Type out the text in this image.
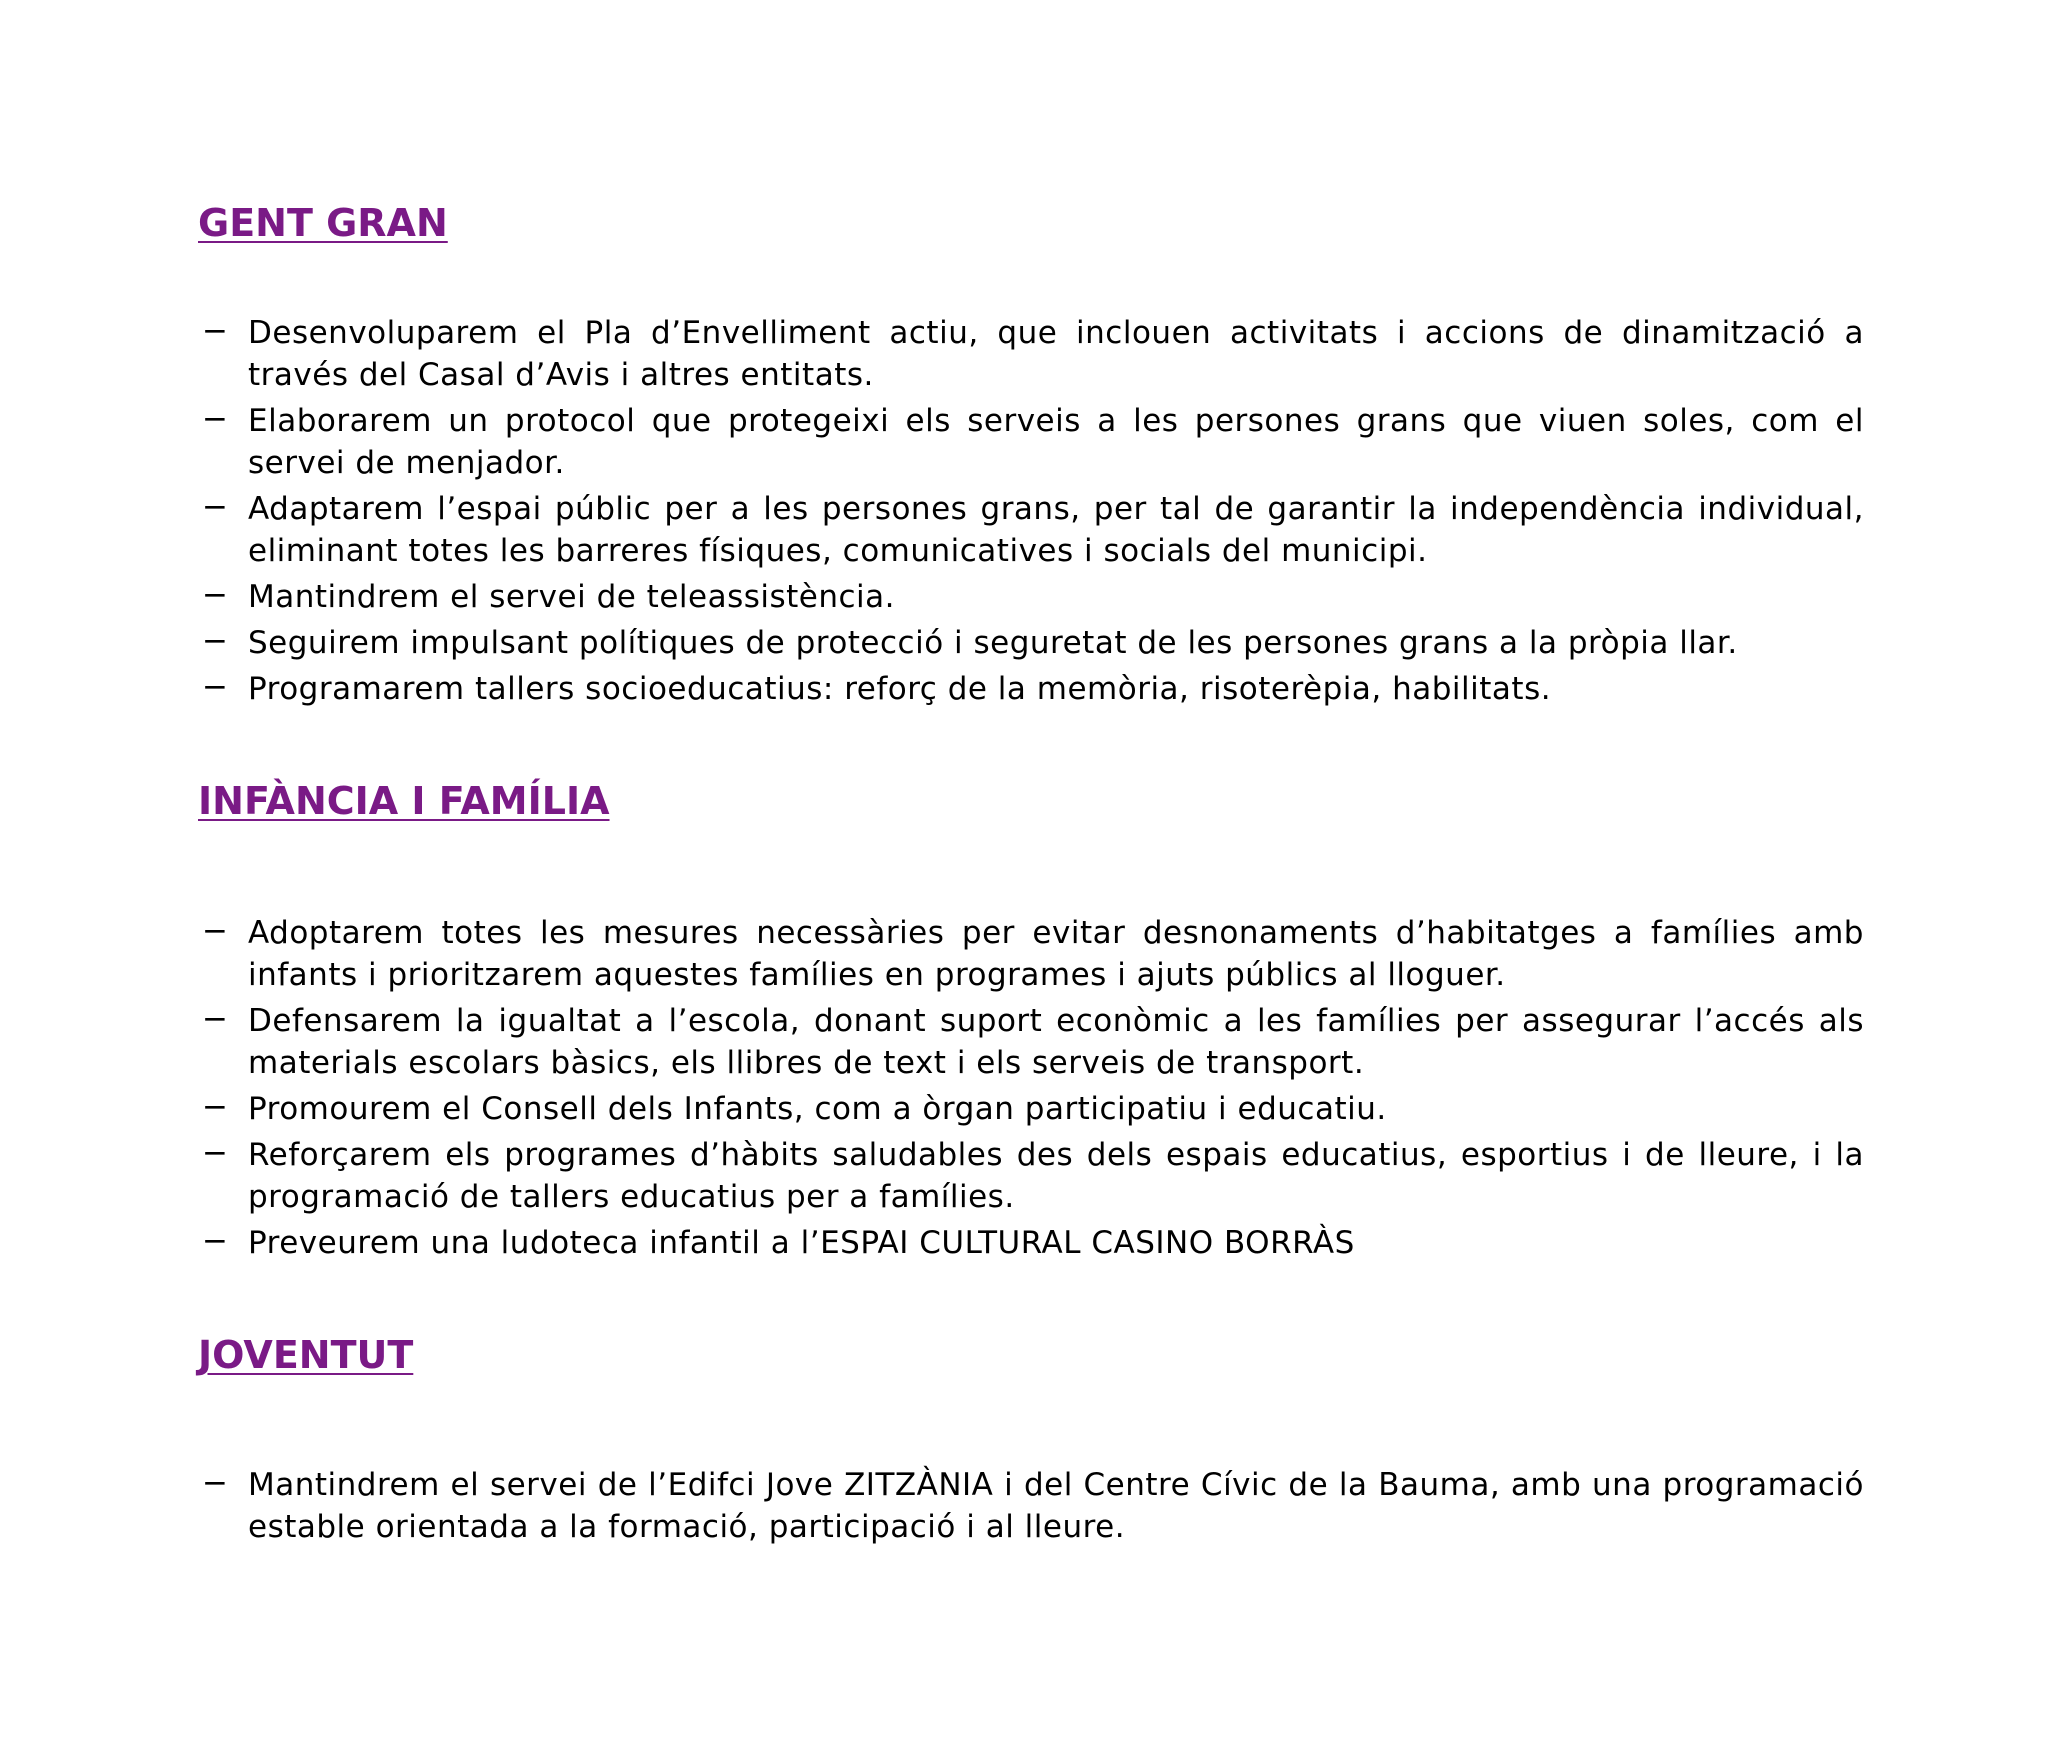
GENT GRAN
− Desenvoluparem el Pla d’Envelliment actiu, que inclouen activitats i accions de dinamització a través del Casal d’Avis i altres entitats.
− Elaborarem un protocol que protegeixi els serveis a les persones grans que viuen soles, com el servei de menjador.
− Adaptarem l’espai públic per a les persones grans, per tal de garantir la independència individual, eliminant totes les barreres físiques, comunicatives i socials del municipi.
− Mantindrem el servei de teleassistència.
− Seguirem impulsant polítiques de protecció i seguretat de les persones grans a la pròpia llar.
− Programarem tallers socioeducatius: reforç de la memòria, risoterèpia, habilitats.
INFÀNCIA I FAMÍLIA
− Adoptarem totes les mesures necessàries per evitar desnonaments d’habitatges a famílies amb infants i prioritzarem aquestes famílies en programes i ajuts públics al lloguer.
− Defensarem la igualtat a l’escola, donant suport econòmic a les famílies per assegurar l’accés als materials escolars bàsics, els llibres de text i els serveis de transport.
− Promourem el Consell dels Infants, com a òrgan participatiu i educatiu.
− Reforçarem els programes d’hàbits saludables des dels espais educatius, esportius i de lleure, i la programació de tallers educatius per a famílies.
− Preveurem una ludoteca infantil a l’ESPAI CULTURAL CASINO BORRÀS
JOVENTUT
− Mantindrem el servei de l’Edifci Jove ZITZÀNIA i del Centre Cívic de la Bauma, amb una programació estable orientada a la formació, participació i al lleure.
